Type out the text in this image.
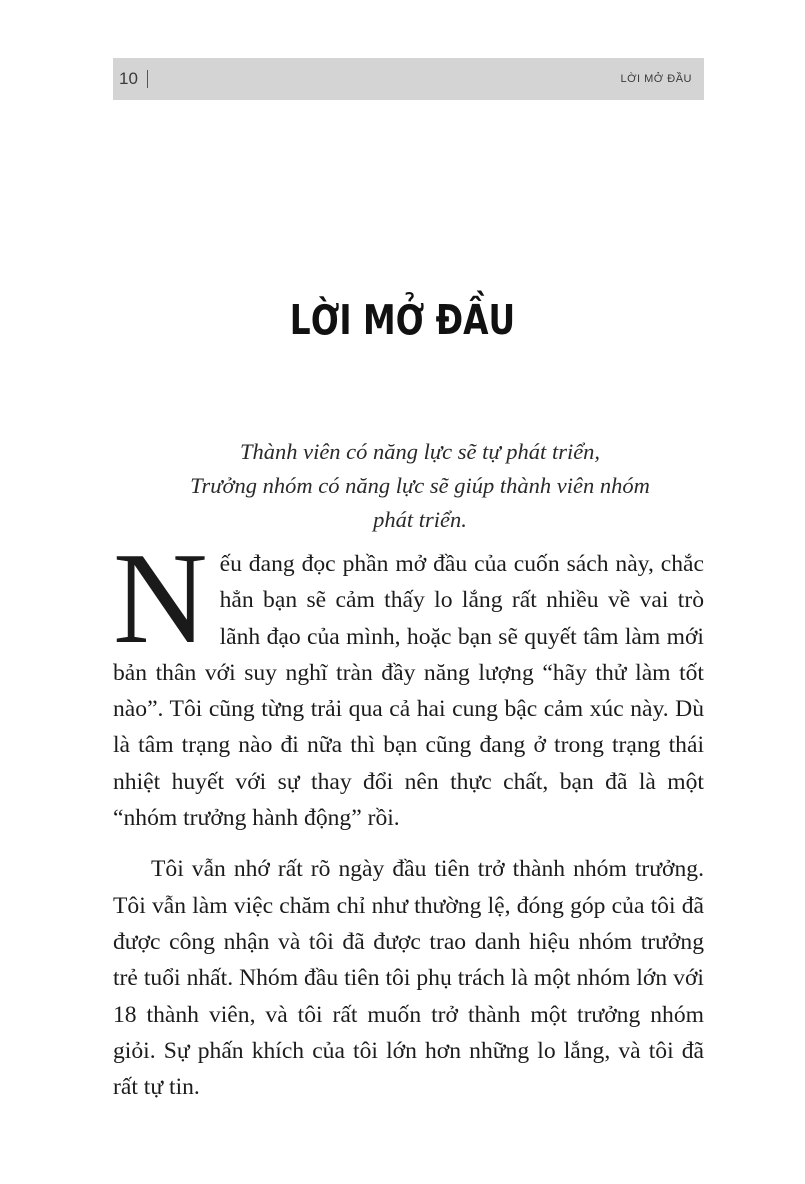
10	LỜI MỞ ĐẦU
LỜI MỞ ĐẦU

Thành viên có năng lực sẽ tự phát triển,

Trưởng nhóm có năng lực sẽ giúp thành viên nhóm

phát triển.

Nếu đang đọc phần mở đầu của cuốn sách này, chắc hẳn bạn sẽ cảm thấy lo lắng rất nhiều về vai trò lãnh đạo của mình, hoặc bạn sẽ quyết tâm làm mới bản thân với suy nghĩ tràn đầy năng lượng “hãy thử làm tốt nào”. Tôi cũng từng trải qua cả hai cung bậc cảm xúc này. Dù là tâm trạng nào đi nữa thì bạn cũng đang ở trong trạng thái nhiệt huyết với sự thay đổi nên thực chất, bạn đã là một “nhóm trưởng hành động” rồi.

Tôi vẫn nhớ rất rõ ngày đầu tiên trở thành nhóm trưởng. Tôi vẫn làm việc chăm chỉ như thường lệ, đóng góp của tôi đã được công nhận và tôi đã được trao danh hiệu nhóm trưởng trẻ tuổi nhất. Nhóm đầu tiên tôi phụ trách là một nhóm lớn với 18 thành viên, và tôi rất muốn trở thành một trưởng nhóm giỏi. Sự phấn khích của tôi lớn hơn những lo lắng, và tôi đã rất tự tin.
